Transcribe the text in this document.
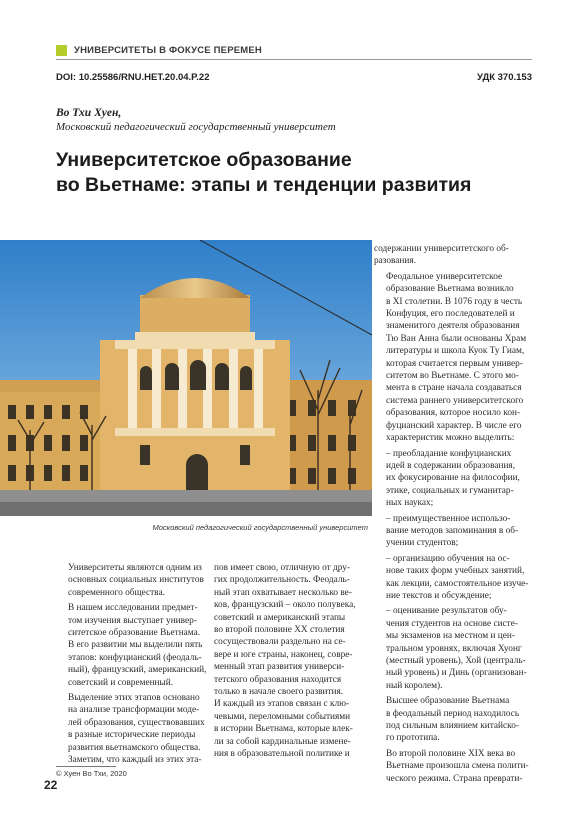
УНИВЕРСИТЕТЫ В ФОКУСЕ ПЕРЕМЕН
DOI: 10.25586/RNU.HET.20.04.P.22	УДК 370.153
Во Тхи Хуен,
Московский педагогический государственный университет
Университетское образование
во Вьетнаме: этапы и тенденции развития
Московский педагогический государственный университет

Университеты являются одним из
основных социальных институтов
современного общества.

В нашем исследовании предмет-
том изучения выступает универ-
ситетское образование Вьетнама.
В его развитии мы выделили пять
этапов: конфуцианский (феодаль-
ный), французский, американский,
советский и современный.

Выделение этих этапов основано
на анализе трансформации моде-
лей образования, существовавших
в разные исторические периоды
развития вьетнамского общества.
Заметим, что каждый из этих эта-

пов имеет свою, отличную от дру-
гих продолжительность. Феодаль-
ный этап охватывает несколько ве-
ков, французский – около полувека,
советский и американский этапы
во второй половине XX столетия
сосуществовали раздельно на се-
вере и юге страны, наконец, совре-
менный этап развития универси-
тетского образования находится
только в начале своего развития.
И каждый из этапов связан с клю-
чевыми, переломными событиями
в истории Вьетнама, которые влек-
ли за собой кардинальные измене-
ния в образовательной политике и

содержании университетского об-
разования.

Феодальное университетское
образование Вьетнама возникло
в XI столетии. В 1076 году в честь
Конфуция, его последователей и
знаменитого деятеля образования
Тю Ван Анна были основаны Храм
литературы и школа Куок Ту Гиам,
которая считается первым универ-
ситетом во Вьетнаме. С этого мо-
мента в стране начала создаваться
система раннего университетского
образования, которое носило кон-
фуцианский характер. В числе его
характеристик можно выделить:

– преобладание конфуцианских
идей в содержании образования,
их фокусирование на философии,
этике, социальных и гуманитар-
ных науках;

– преимущественное использо-
вание методов запоминания в об-
учении студентов;

– организацию обучения на ос-
нове таких форм учебных занятий,
как лекции, самостоятельное изуче-
ние текстов и обсуждение;

– оценивание результатов обу-
чения студентов на основе систе-
мы экзаменов на местном и цен-
тральном уровнях, включая Хуонг
(местный уровень), Хой (централь-
ный уровень) и Динь (организован-
ный королем).

Высшее образование Вьетнама
в феодальный период находилось
под сильным влиянием китайско-
го прототипа.

Во второй половине XIX века во
Вьетнаме произошла смена полити-
ческого режима. Страна преврати-

© Хуен Во Тхи, 2020
22
